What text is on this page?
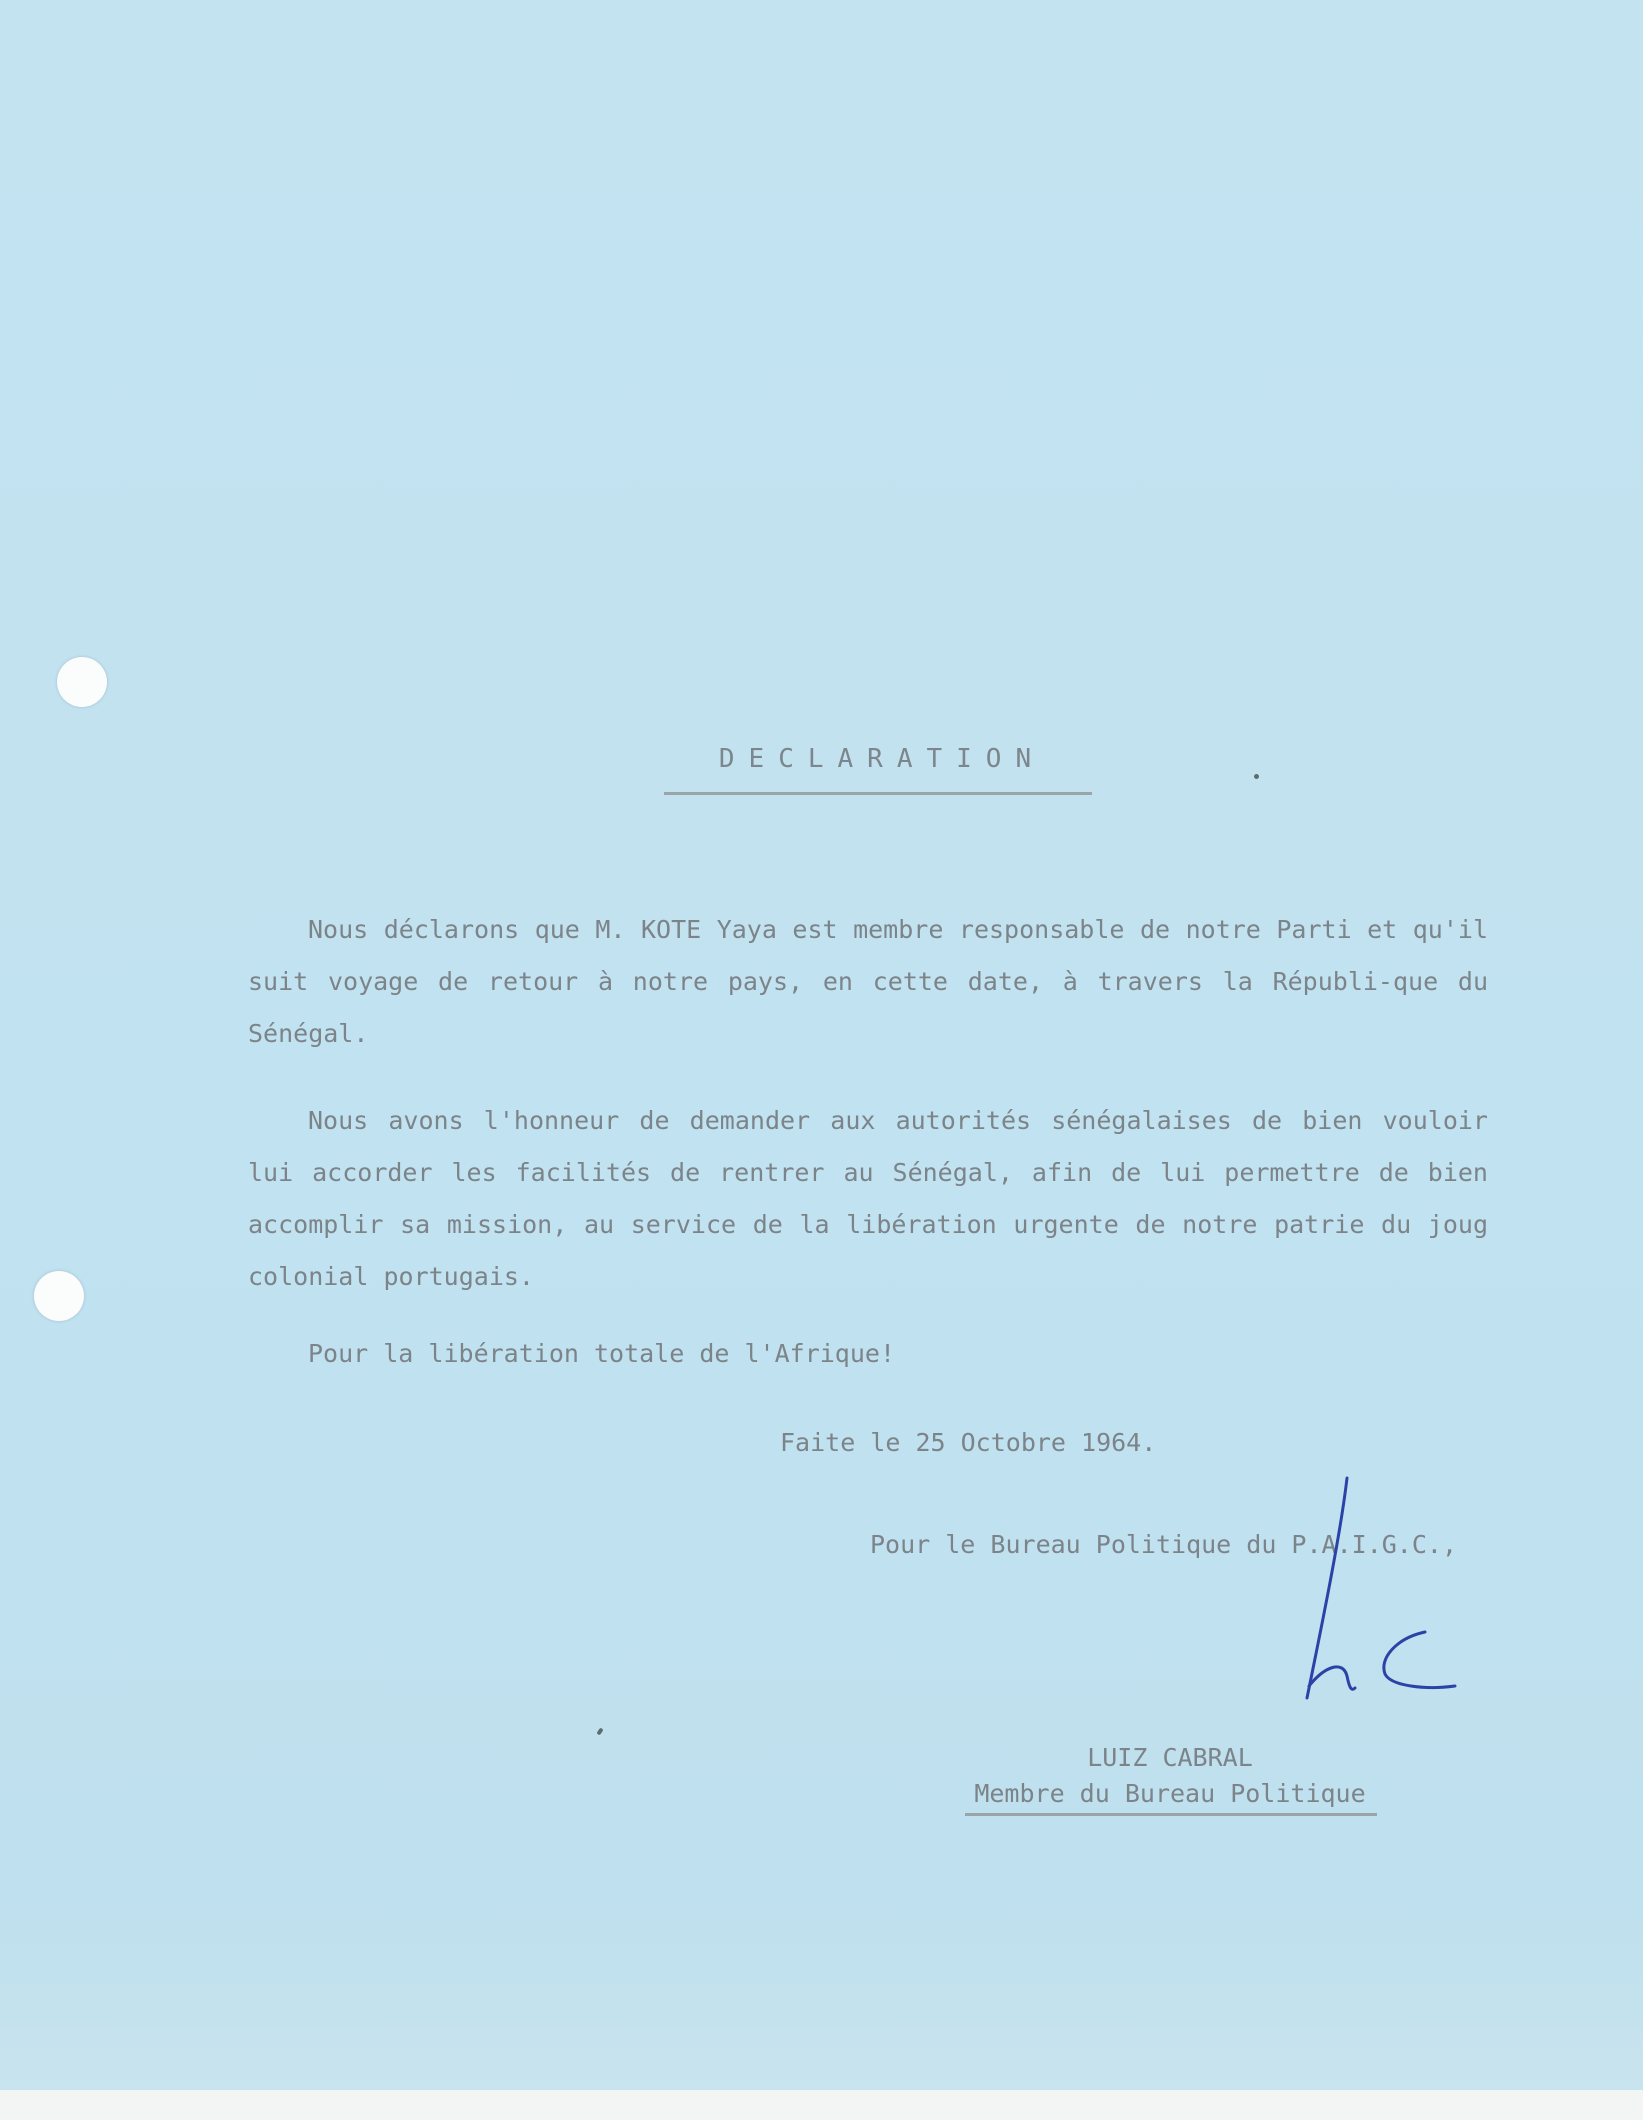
DECLARATION

Nous déclarons que M. KOTE Yaya est membre responsable de notre Parti et qu'il suit voyage de retour à notre pays, en cette date, à travers la Républi-que du Sénégal.

Nous avons l'honneur de demander aux autorités sénégalaises de bien vouloir lui accorder les facilités de rentrer au Sénégal, afin de lui permettre de bien accomplir sa mission, au service de la libération urgente de notre patrie du joug colonial portugais.

Pour la libération totale de l'Afrique!

Faite le 25 Octobre 1964.
Pour le Bureau Politique du P.A.I.G.C.,
LUIZ CABRAL
Membre du Bureau Politique
